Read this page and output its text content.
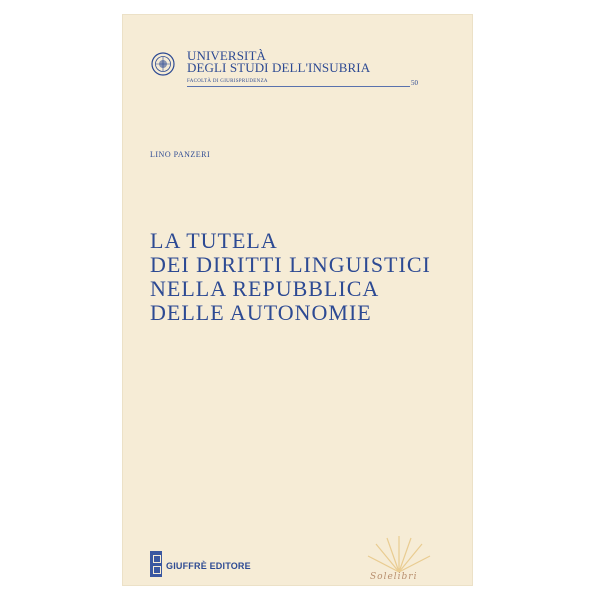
UNIVERSITÀ
DEGLI STUDI DELL'INSUBRIA
FACOLTÀ DI GIURISPRUDENZA	50
LINO PANZERI
LA TUTELA
DEI DIRITTI LINGUISTICI
NELLA REPUBBLICA
DELLE AUTONOMIE
GIUFFRÈ EDITORE
Solelibri
